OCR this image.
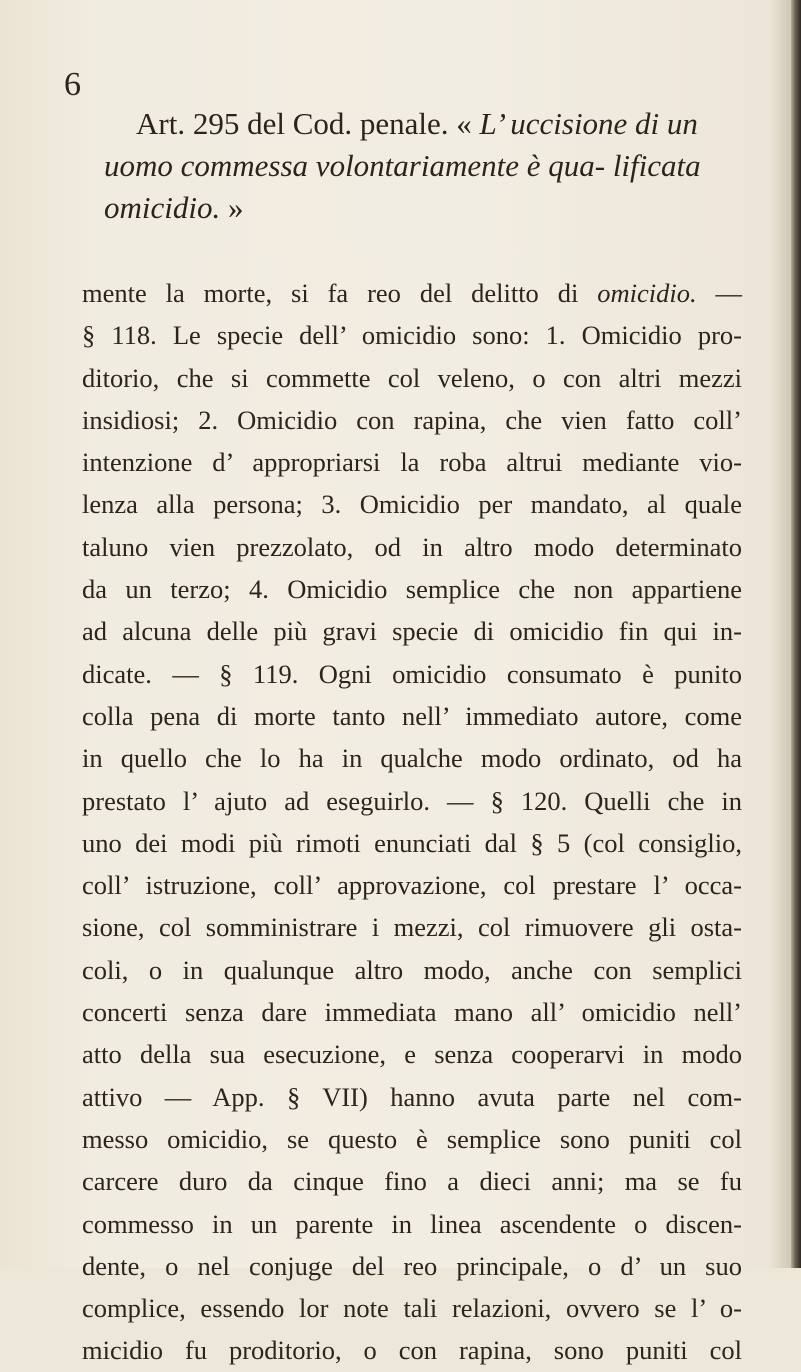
6
Art. 295 del Cod. penale. « L’ uccisione di un uomo commessa volontariamente è qua- lificata omicidio. »
mente la morte, si fa reo del delitto di omicidio. —
§ 118. Le specie dell’ omicidio sono: 1. Omicidio pro-
ditorio, che si commette col veleno, o con altri mezzi
insidiosi; 2. Omicidio con rapina, che vien fatto coll’
intenzione d’ appropriarsi la roba altrui mediante vio-
lenza alla persona; 3. Omicidio per mandato, al quale
taluno vien prezzolato, od in altro modo determinato
da un terzo; 4. Omicidio semplice che non appartiene
ad alcuna delle più gravi specie di omicidio fin qui in-
dicate. — § 119. Ogni omicidio consumato è punito
colla pena di morte tanto nell’ immediato autore, come
in quello che lo ha in qualche modo ordinato, od ha
prestato l’ ajuto ad eseguirlo. — § 120. Quelli che in
uno dei modi più rimoti enunciati dal § 5 (col consiglio,
coll’ istruzione, coll’ approvazione, col prestare l’ occa-
sione, col somministrare i mezzi, col rimuovere gli osta-
coli, o in qualunque altro modo, anche con semplici
concerti senza dare immediata mano all’ omicidio nell’
atto della sua esecuzione, e senza cooperarvi in modo
attivo — App. § VII) hanno avuta parte nel com-
messo omicidio, se questo è semplice sono puniti col
carcere duro da cinque fino a dieci anni; ma se fu
commesso in un parente in linea ascendente o discen-
dente, o nel conjuge del reo principale, o d’ un suo
complice, essendo lor note tali relazioni, ovvero se l’ o-
micidio fu proditorio, o con rapina, sono puniti col
